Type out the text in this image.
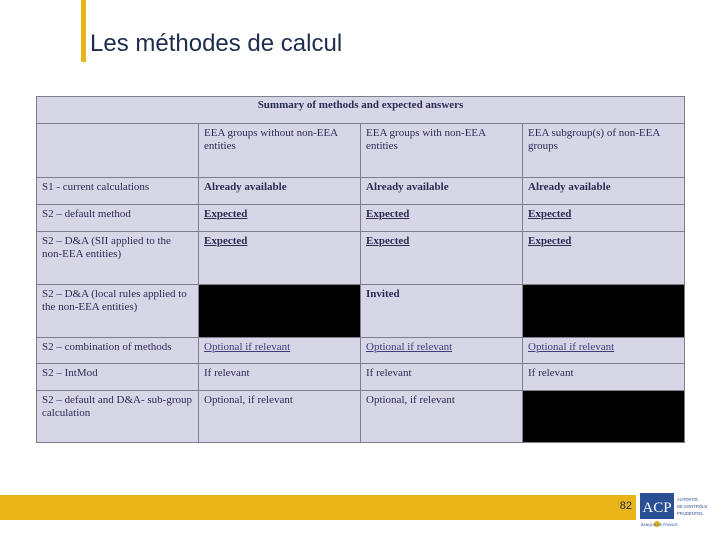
Les méthodes de calcul
Summary of methods and expected answers			
	EEA groups without non-EEA entities	EEA groups with non-EEA entities	EEA subgroup(s) of non-EEA groups
S1 - current calculations	Already available	Already available	Already available
S2 – default method	Expected	Expected	Expected
S2 – D&A (SII applied to the non-EEA entities)	Expected	Expected	Expected
S2 – D&A (local rules applied to the non-EEA entities)		Invited	
S2 – combination of methods	Optional if relevant	Optional if relevant	Optional if relevant
S2 – IntMod	If relevant	If relevant	If relevant
S2 – default and D&A- sub-group calculation	Optional, if relevant	Optional, if relevant	
82 ACP
AUTORITÉ
DE CONTRÔLE
PRUDENTIEL
BANQUE DE FRANCE
